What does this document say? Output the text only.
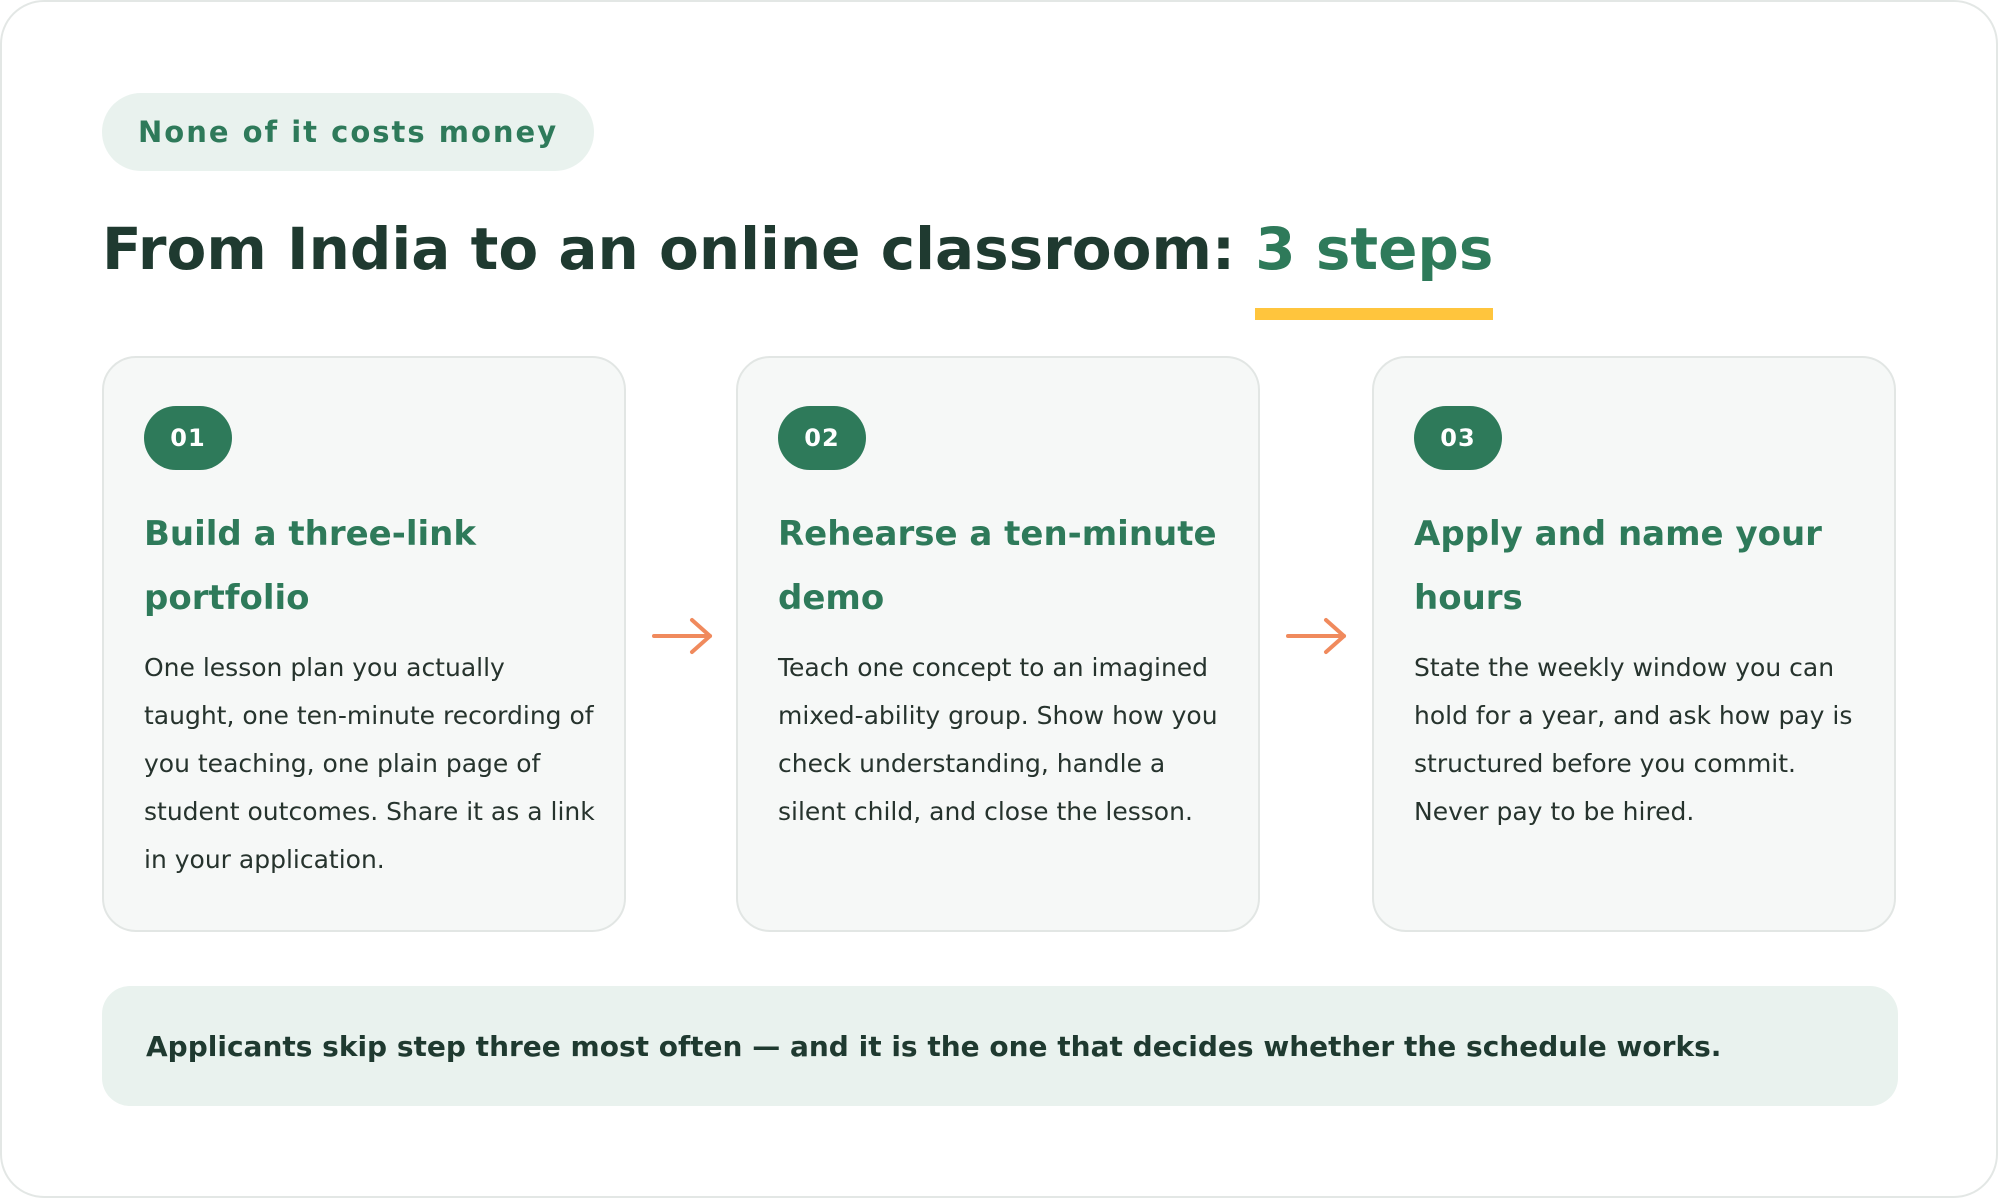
None of it costs money
From India to an online classroom: 3 steps
01
Build a three-link portfolio

One lesson plan you actually taught, one ten-minute recording of you teaching, one plain page of student outcomes. Share it as a link in your application.

02
Rehearse a ten-minute demo

Teach one concept to an imagined mixed-ability group. Show how you check understanding, handle a silent child, and close the lesson.

03
Apply and name your hours

State the weekly window you can hold for a year, and ask how pay is structured before you commit. Never pay to be hired.

Applicants skip step three most often — and it is the one that decides whether the schedule works.
